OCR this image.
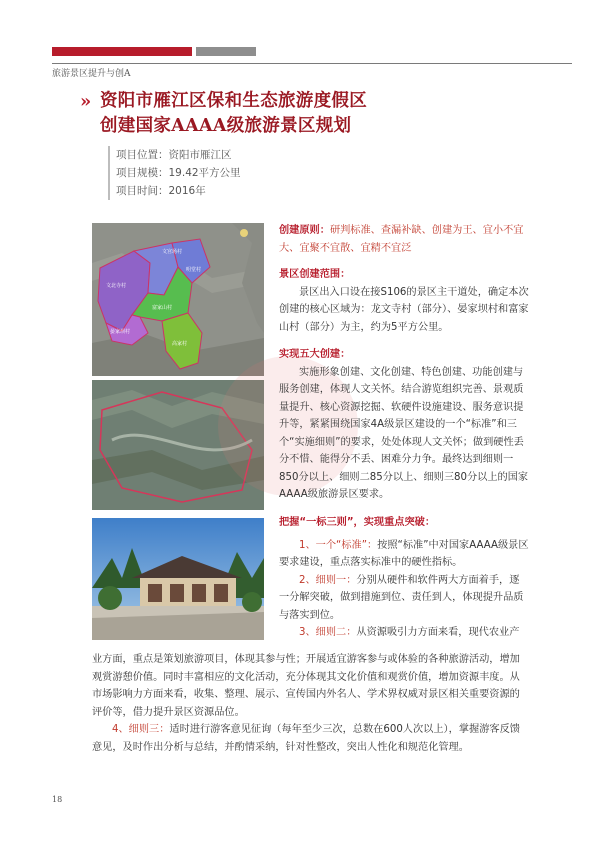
旅游景区提升与创A
» 资阳市雁江区保和生态旅游度假区
创建国家AAAA级旅游景区规划
项目位置：资阳市雁江区
项目规模：19.42平方公里
项目时间：2016年
文宫场村
明堂村
文北寺村
晏家坝村
富家山村
高家村
创建原则：研判标准、查漏补缺、创建为王、宜小不宜大、宜聚不宜散、宜精不宜泛
景区创建范围：

景区出入口设在接S106的景区主干道处，确定本次创建的核心区域为：龙文寺村（部分）、晏家坝村和富家山村（部分）为主，约为5平方公里。

实现五大创建：

实施形象创建、文化创建、特色创建、功能创建与服务创建，体现人文关怀。结合游览组织完善、景观质量提升、核心资源挖掘、软硬件设施建设、服务意识提升等，紧紧围绕国家4A级景区建设的一个“标准”和三个“实施细则”的要求，处处体现人文关怀；做到硬性丢分不惜、能得分不丢、困难分力争。最终达到细则一850分以上、细则二85分以上、细则三80分以上的国家AAAA级旅游景区要求。

把握“一标三则”，实现重点突破：

1、一个“标准”：按照“标准”中对国家AAAA级景区要求建设，重点落实标准中的硬性指标。

2、细则一：分别从硬件和软件两大方面着手，逐一分解突破，做到措施到位、责任到人，体现提升品质与落实到位。

3、细则二：从资源吸引力方面来看，现代农业产

业方面，重点是策划旅游项目，体现其参与性；开展适宜游客参与或体验的各种旅游活动，增加观赏游憩价值。同时丰富相应的文化活动，充分体现其文化价值和观赏价值，增加资源丰度。从市场影响力方面来看，收集、整理、展示、宣传国内外名人、学术界权威对景区相关重要资源的评价等，借力提升景区资源品位。

4、细则三：适时进行游客意见征询（每年至少三次，总数在600人次以上），掌握游客反馈意见，及时作出分析与总结，并酌情采纳，针对性整改，突出人性化和规范化管理。

18
